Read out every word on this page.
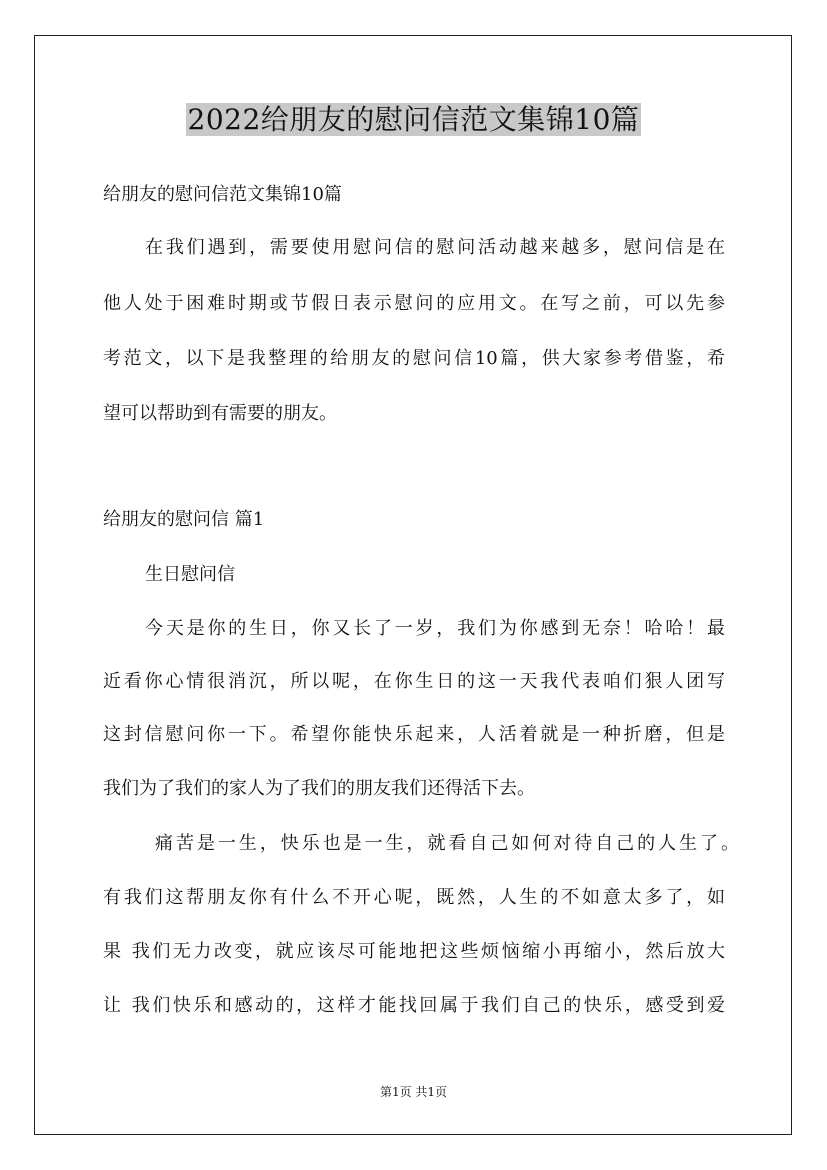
2022给朋友的慰问信范文集锦10篇
给朋友的慰问信范文集锦10篇
在我们遇到，需要使用慰问信的慰问活动越来越多，慰问信是在
他人处于困难时期或节假日表示慰问的应用文。在写之前，可以先参
考范文，以下是我整理的给朋友的慰问信10篇，供大家参考借鉴，希
望可以帮助到有需要的朋友。
给朋友的慰问信 篇1
生日慰问信
今天是你的生日，你又长了一岁，我们为你感到无奈！哈哈！最
近看你心情很消沉，所以呢，在你生日的这一天我代表咱们狠人团写
这封信慰问你一下。希望你能快乐起来，人活着就是一种折磨，但是
我们为了我们的家人为了我们的朋友我们还得活下去。
痛苦是一生，快乐也是一生，就看自己如何对待自己的人生了。
有我们这帮朋友你有什么不开心呢，既然，人生的不如意太多了，如
果 我们无力改变，就应该尽可能地把这些烦恼缩小再缩小，然后放大
让 我们快乐和感动的，这样才能找回属于我们自己的快乐，感受到爱
第1页 共1页
